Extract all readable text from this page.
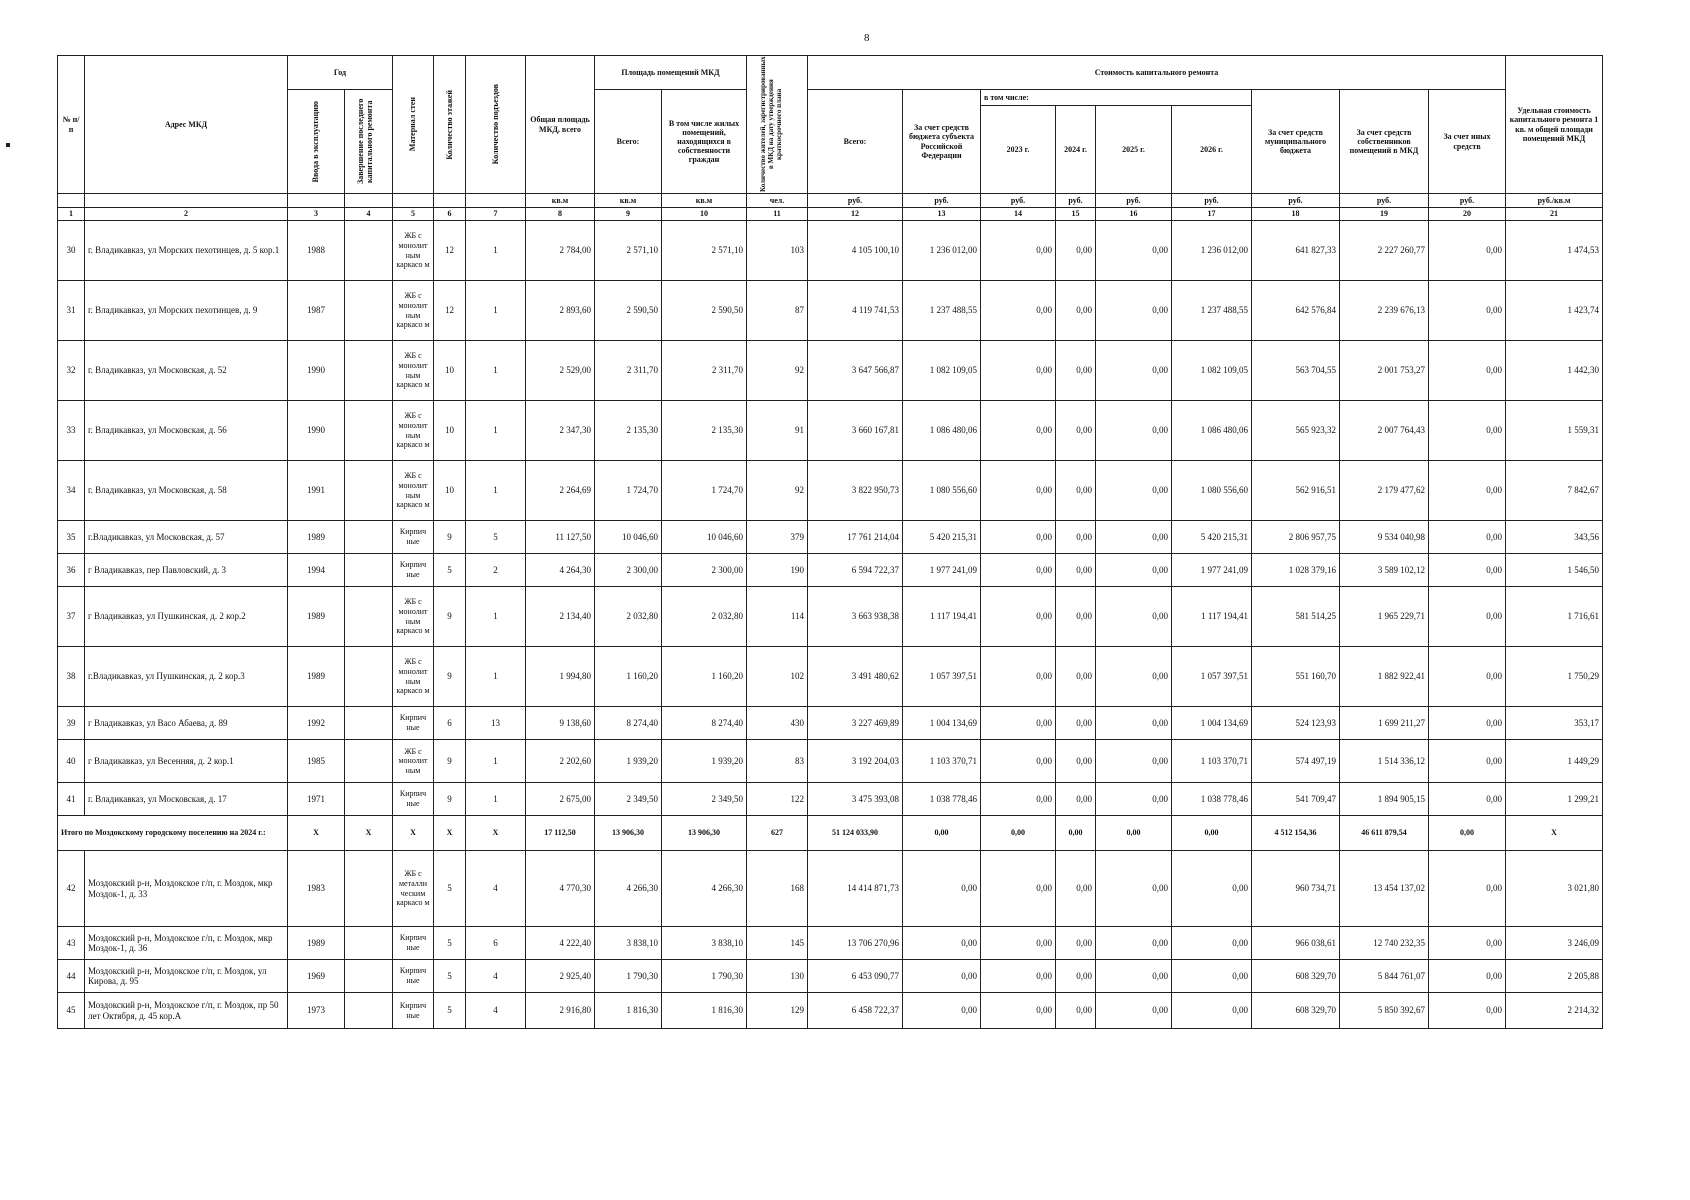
8
№ п/п	Адрес МКД	Год		Материал стен	Количество этажей	Количество подъездов	Общая площадь МКД, всего	Площадь помещений МКД		Количество жителей, зарегистрированных в МКД на дату утверждения краткосрочного плана	Стоимость капитального ремонта									Удельная стоимость капитального ремонта 1 кв. м общей площади помещений МКД

		Ввода в эксплуатацию	Завершение последнего капитального ремонта					Всего:	В том числе жилых помещений, находящихся в собственности граждан		Всего:	За счет средств бюджета субъекта Российской Федерации	в том числе:				За счет средств муниципального бюджета	За счет средств собственников помещений в МКД	За счет иных средств	
													2023 г.	2024 г.	2025 г.	2026 г.				
							кв.м	кв.м	кв.м	чел.	руб.	руб.	руб.	руб.	руб.	руб.	руб.	руб.	руб.	руб./кв.м
1	2	3	4	5	6	7	8	9	10	11	12	13	14	15	16	17	18	19	20	21
30	г. Владикавказ, ул Морских пехотинцев, д. 5 кор.1	1988		ЖБ с монолит ным каркасо м	12	1	2 784,00	2 571,10	2 571,10	103	4 105 100,10	1 236 012,00	0,00	0,00	0,00	1 236 012,00	641 827,33	2 227 260,77	0,00	1 474,53
31	г. Владикавказ, ул Морских пехотинцев, д. 9	1987		ЖБ с монолит ным каркасо м	12	1	2 893,60	2 590,50	2 590,50	87	4 119 741,53	1 237 488,55	0,00	0,00	0,00	1 237 488,55	642 576,84	2 239 676,13	0,00	1 423,74
32	г. Владикавказ, ул Московская, д. 52	1990		ЖБ с монолит ным каркасо м	10	1	2 529,00	2 311,70	2 311,70	92	3 647 566,87	1 082 109,05	0,00	0,00	0,00	1 082 109,05	563 704,55	2 001 753,27	0,00	1 442,30
33	г. Владикавказ, ул Московская, д. 56	1990		ЖБ с монолит ным каркасо м	10	1	2 347,30	2 135,30	2 135,30	91	3 660 167,81	1 086 480,06	0,00	0,00	0,00	1 086 480,06	565 923,32	2 007 764,43	0,00	1 559,31
34	г. Владикавказ, ул Московская, д. 58	1991		ЖБ с монолит ным каркасо м	10	1	2 264,69	1 724,70	1 724,70	92	3 822 950,73	1 080 556,60	0,00	0,00	0,00	1 080 556,60	562 916,51	2 179 477,62	0,00	7 842,67
35	г.Владикавказ, ул Московская, д. 57	1989		Кирпич ные	9	5	11 127,50	10 046,60	10 046,60	379	17 761 214,04	5 420 215,31	0,00	0,00	0,00	5 420 215,31	2 806 957,75	9 534 040,98	0,00	343,56
36	г Владикавказ, пер Павловский, д. 3	1994		Кирпич ные	5	2	4 264,30	2 300,00	2 300,00	190	6 594 722,37	1 977 241,09	0,00	0,00	0,00	1 977 241,09	1 028 379,16	3 589 102,12	0,00	1 546,50
37	г Владикавказ, ул Пушкинская, д. 2 кор.2	1989		ЖБ с монолит ным каркасо м	9	1	2 134,40	2 032,80	2 032,80	114	3 663 938,38	1 117 194,41	0,00	0,00	0,00	1 117 194,41	581 514,25	1 965 229,71	0,00	1 716,61
38	г.Владикавказ, ул Пушкинская, д. 2 кор.3	1989		ЖБ с монолит ным каркасо м	9	1	1 994,80	1 160,20	1 160,20	102	3 491 480,62	1 057 397,51	0,00	0,00	0,00	1 057 397,51	551 160,70	1 882 922,41	0,00	1 750,29
39	г Владикавказ, ул Васо Абаева, д. 89	1992		Кирпич ные	6	13	9 138,60	8 274,40	8 274,40	430	3 227 469,89	1 004 134,69	0,00	0,00	0,00	1 004 134,69	524 123,93	1 699 211,27	0,00	353,17
40	г Владикавказ, ул Весенняя, д. 2 кор.1	1985		ЖБ с монолит ным	9	1	2 202,60	1 939,20	1 939,20	83	3 192 204,03	1 103 370,71	0,00	0,00	0,00	1 103 370,71	574 497,19	1 514 336,12	0,00	1 449,29
41	г. Владикавказ, ул Московская, д. 17	1971		Кирпич ные	9	1	2 675,00	2 349,50	2 349,50	122	3 475 393,08	1 038 778,46	0,00	0,00	0,00	1 038 778,46	541 709,47	1 894 905,15	0,00	1 299,21
Итого по Моздокскому городскому поселению на 2024 г.:		X	X	X	X	X	17 112,50	13 906,30	13 906,30	627	51 124 033,90	0,00	0,00	0,00	0,00	0,00	4 512 154,36	46 611 879,54	0,00	X
42	Моздокский р-н, Моздокское г/п, г. Моздок, мкр Моздок-1, д. 33	1983		ЖБ с металли ческим каркасо м	5	4	4 770,30	4 266,30	4 266,30	168	14 414 871,73	0,00	0,00	0,00	0,00	0,00	960 734,71	13 454 137,02	0,00	3 021,80
43	Моздокский р-н, Моздокское г/п, г. Моздок, мкр Моздок-1, д. 36	1989		Кирпич ные	5	6	4 222,40	3 838,10	3 838,10	145	13 706 270,96	0,00	0,00	0,00	0,00	0,00	966 038,61	12 740 232,35	0,00	3 246,09
44	Моздокский р-н, Моздокское г/п, г. Моздок, ул Кирова, д. 95	1969		Кирпич ные	5	4	2 925,40	1 790,30	1 790,30	130	6 453 090,77	0,00	0,00	0,00	0,00	0,00	608 329,70	5 844 761,07	0,00	2 205,88
45	Моздокский р-н, Моздокское г/п, г. Моздок, пр 50 лет Октября, д. 45 кор.А	1973		Кирпич ные	5	4	2 916,80	1 816,30	1 816,30	129	6 458 722,37	0,00	0,00	0,00	0,00	0,00	608 329,70	5 850 392,67	0,00	2 214,32
